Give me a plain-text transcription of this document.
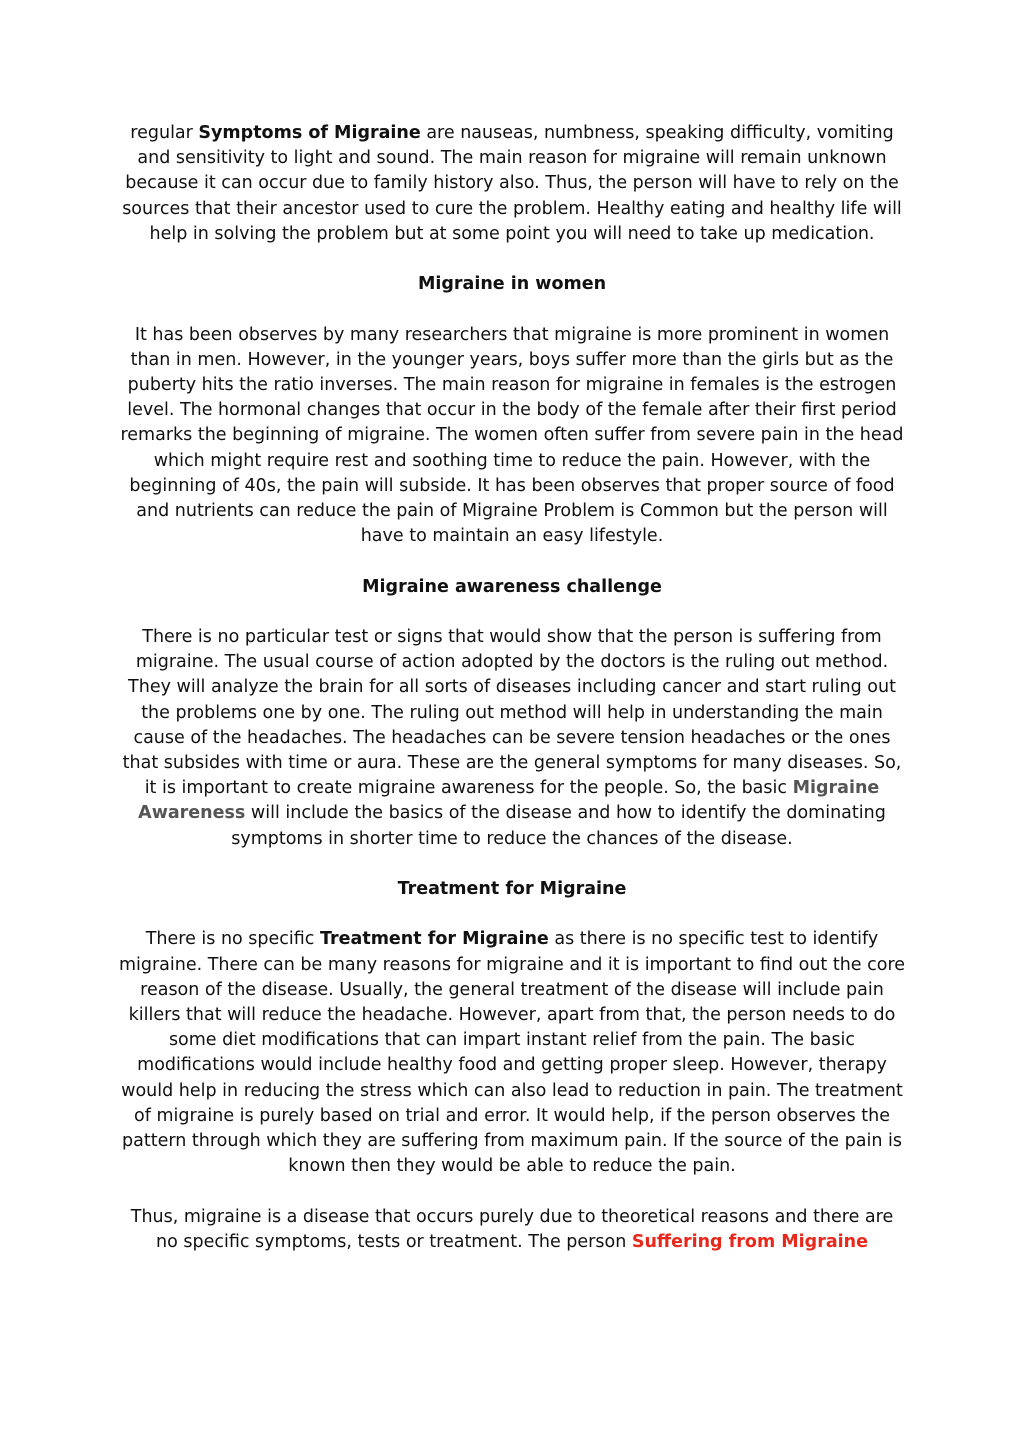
regular Symptoms of Migraine are nauseas, numbness, speaking difficulty, vomiting and sensitivity to light and sound. The main reason for migraine will remain unknown because it can occur due to family history also. Thus, the person will have to rely on the sources that their ancestor used to cure the problem. Healthy eating and healthy life will help in solving the problem but at some point you will need to take up medication.

Migraine in women

It has been observes by many researchers that migraine is more prominent in women than in men. However, in the younger years, boys suffer more than the girls but as the puberty hits the ratio inverses. The main reason for migraine in females is the estrogen level. The hormonal changes that occur in the body of the female after their first period remarks the beginning of migraine. The women often suffer from severe pain in the head which might require rest and soothing time to reduce the pain. However, with the beginning of 40s, the pain will subside. It has been observes that proper source of food and nutrients can reduce the pain of Migraine Problem is Common but the person will have to maintain an easy lifestyle.

Migraine awareness challenge

There is no particular test or signs that would show that the person is suffering from migraine. The usual course of action adopted by the doctors is the ruling out method. They will analyze the brain for all sorts of diseases including cancer and start ruling out the problems one by one. The ruling out method will help in understanding the main cause of the headaches. The headaches can be severe tension headaches or the ones that subsides with time or aura. These are the general symptoms for many diseases. So, it is important to create migraine awareness for the people. So, the basic Migraine Awareness will include the basics of the disease and how to identify the dominating symptoms in shorter time to reduce the chances of the disease.

Treatment for Migraine

There is no specific Treatment for Migraine as there is no specific test to identify migraine. There can be many reasons for migraine and it is important to find out the core reason of the disease. Usually, the general treatment of the disease will include pain killers that will reduce the headache. However, apart from that, the person needs to do some diet modifications that can impart instant relief from the pain. The basic modifications would include healthy food and getting proper sleep. However, therapy would help in reducing the stress which can also lead to reduction in pain. The treatment of migraine is purely based on trial and error. It would help, if the person observes the pattern through which they are suffering from maximum pain. If the source of the pain is known then they would be able to reduce the pain.

Thus, migraine is a disease that occurs purely due to theoretical reasons and there are no specific symptoms, tests or treatment. The person Suffering from Migraine
